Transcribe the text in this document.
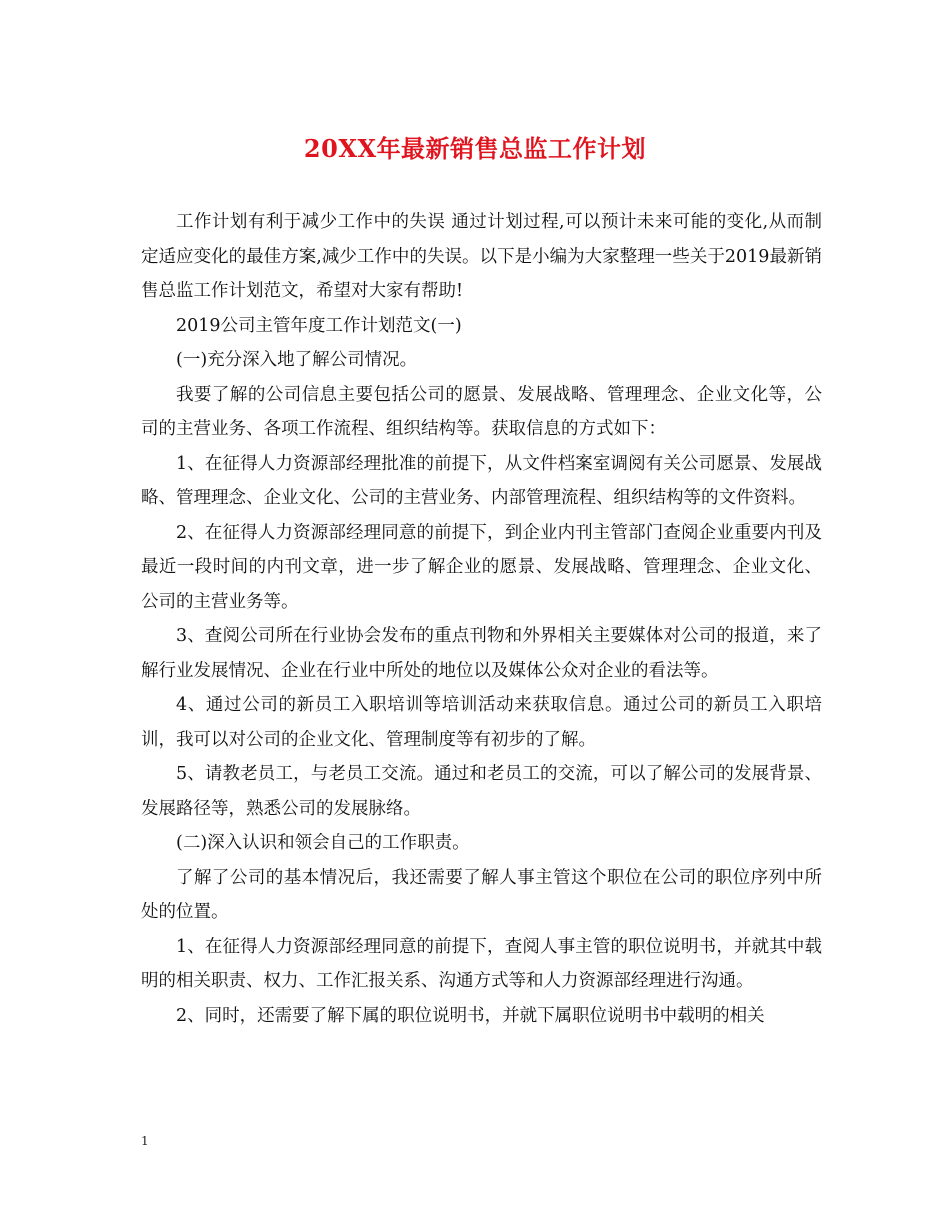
20XX年最新销售总监工作计划

工作计划有利于减少工作中的失误 通过计划过程,可以预计未来可能的变化,从而制定适应变化的最佳方案,减少工作中的失误。以下是小编为大家整理一些关于2019最新销售总监工作计划范文，希望对大家有帮助!

2019公司主管年度工作计划范文(一)

(一)充分深入地了解公司情况。

我要了解的公司信息主要包括公司的愿景、发展战略、管理理念、企业文化等，公司的主营业务、各项工作流程、组织结构等。获取信息的方式如下：

1、在征得人力资源部经理批准的前提下，从文件档案室调阅有关公司愿景、发展战略、管理理念、企业文化、公司的主营业务、内部管理流程、组织结构等的文件资料。

2、在征得人力资源部经理同意的前提下，到企业内刊主管部门查阅企业重要内刊及最近一段时间的内刊文章，进一步了解企业的愿景、发展战略、管理理念、企业文化、公司的主营业务等。

3、查阅公司所在行业协会发布的重点刊物和外界相关主要媒体对公司的报道，来了解行业发展情况、企业在行业中所处的地位以及媒体公众对企业的看法等。

4、通过公司的新员工入职培训等培训活动来获取信息。通过公司的新员工入职培训，我可以对公司的企业文化、管理制度等有初步的了解。

5、请教老员工，与老员工交流。通过和老员工的交流，可以了解公司的发展背景、发展路径等，熟悉公司的发展脉络。

(二)深入认识和领会自己的工作职责。

了解了公司的基本情况后，我还需要了解人事主管这个职位在公司的职位序列中所处的位置。

1、在征得人力资源部经理同意的前提下，查阅人事主管的职位说明书，并就其中载明的相关职责、权力、工作汇报关系、沟通方式等和人力资源部经理进行沟通。

2、同时，还需要了解下属的职位说明书，并就下属职位说明书中载明的相关

1
